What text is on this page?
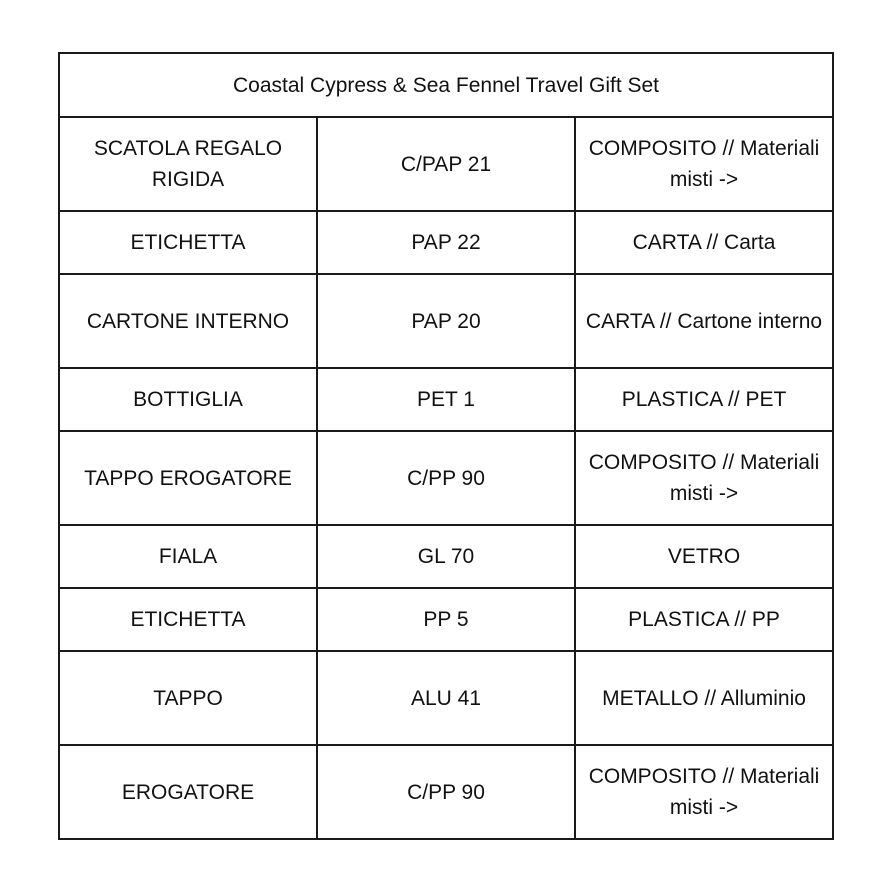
Coastal Cypress & Sea Fennel Travel Gift Set		
SCATOLA REGALO RIGIDA	C/PAP 21	COMPOSITO // Materiali misti ->
ETICHETTA	PAP 22	CARTA // Carta
CARTONE INTERNO	PAP 20	CARTA // Cartone interno
BOTTIGLIA	PET 1	PLASTICA // PET
TAPPO EROGATORE	C/PP 90	COMPOSITO // Materiali misti ->
FIALA	GL 70	VETRO
ETICHETTA	PP 5	PLASTICA // PP
TAPPO	ALU 41	METALLO // Alluminio
EROGATORE	C/PP 90	COMPOSITO // Materiali misti ->
